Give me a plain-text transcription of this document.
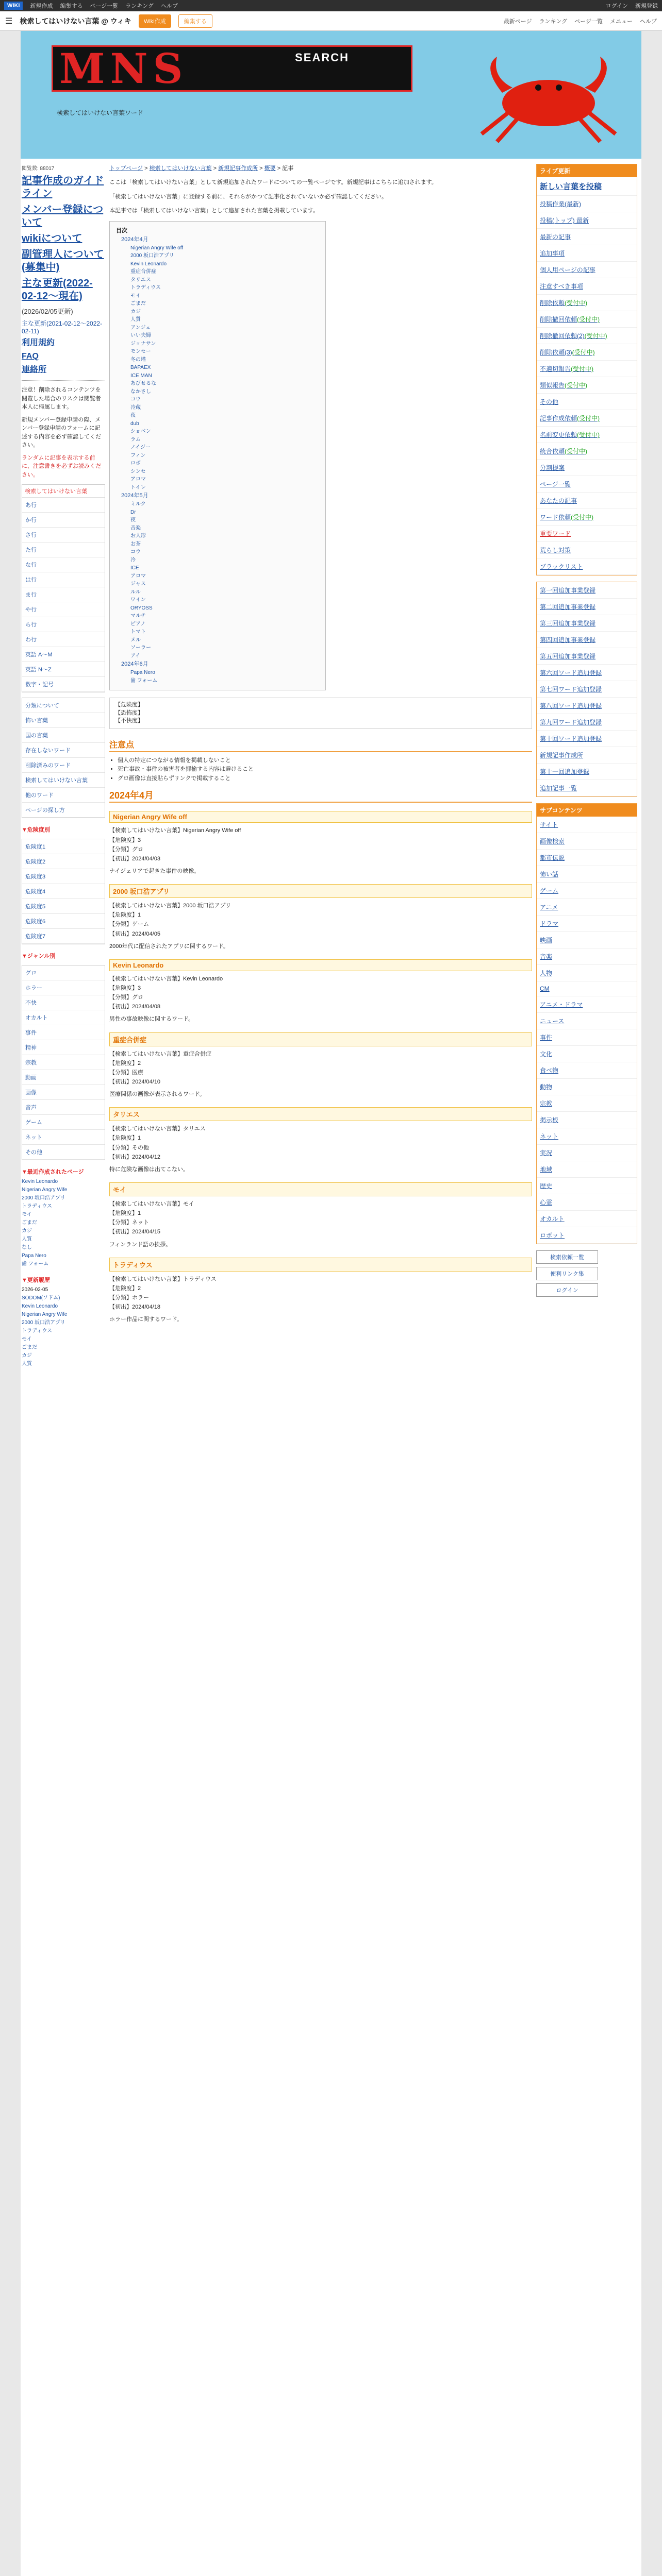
WIKI	新規作成 編集する ページ一覧 ランキング ヘルプ	ログイン 新規登録
☰ 検索してはいけない言葉 @ ウィキ	Wiki作成	編集する	最新ページ ランキング ページ一覧 メニュー ヘルプ
MNS	SEARCH
検索してはいけない言葉ワード
閲覧数: 88017
記事作成のガイドライン
メンバー登録について
wikiについて
副管理人について(募集中)
主な更新(2022-02-12～現在)
(2026/02/05更新)
主な更新(2021-02-12～2022-02-11)
利用規約
FAQ
連絡所
注意！削除されるコンテンツを閲覧した場合のリスクは閲覧者本人に帰属します。
新規メンバー登録申請の際、メンバー登録申請のフォームに記述する内容を必ず確認してください。
ランダムに記事を表示する前に、注意書きを必ずお読みください。
検索してはいけない言葉
あ行
か行
さ行
た行
な行
は行
ま行
や行
ら行
わ行
英語 A～M
英語 N～Z
数字・記号
分類について
怖い言葉
国の言葉
存在しないワード
削除済みのワード
検索してはいけない言葉
他のワード
ページの探し方
▼危険度別
危険度1
危険度2
危険度3
危険度4
危険度5
危険度6
危険度7
▼ジャンル別
グロ
ホラー
不快
オカルト
事件
精神
宗教
動画
画像
音声
ゲーム
ネット
その他
▼最近作成されたページ
Kevin Leonardo
Nigerian Angry Wife
2000 坂口浩アプリ
トラディウス
モイ
ごまだ
カジ
人質
なし
Papa Nero
歯 フォーム
▼更新履歴
2026-02-05
SODOM(ソドム)
Kevin Leonardo
Nigerian Angry Wife
2000 坂口浩アプリ
トラディウス
モイ
ごまだ
カジ
人質
トップページ > 検索してはいけない言葉 > 新規記事作成所 > 概要 > 記事
ここは「検索してはいけない言葉」として新規追加されたワードについての一覧ページです。新規記事はこちらに追加されます。
「検索してはいけない言葉」に登録する前に、それらがかつて記事化されていないか必ず確認してください。
本記事では「検索してはいけない言葉」として追加された言葉を掲載しています。
目次
2024年4月
Nigerian Angry Wife off
2000 坂口浩アプリ
Kevin Leonardo
重症合併症
タリエス
トラディウス
モイ
ごまだ
カジ
人質
アンジェ
いい夫婦
ジョナサン
モンセー
冬の塔
BAPAEX
ICE MAN
あびせるな
なかさし
コウ
冷蔵
夜
dub
ショベン
ラム
ノイジー
フィン
ロボ
シンセ
アロマ
トイレ
2024年5月
ミルク
Dr
夜
音楽
お人形
お茶
コウ
冷
ICE
アロマ
ジャス
ルル
ワイン
ORYOSS
マルチ
ピアノ
トマト
メル
ソーラー
アイ
2024年6月
Papa Nero
歯 フォーム
【危険度】
【恐怖度】
【不快度】
注意点
• 個人の特定につながる情報を掲載しないこと
• 死亡事故・事件の被害者を揶揄する内容は避けること
• グロ画像は直接貼らずリンクで掲載すること
2024年4月
Nigerian Angry Wife off
【検索してはいけない言葉】Nigerian Angry Wife off
【危険度】3
【分類】グロ
【初出】2024/04/03

ナイジェリアで起きた事件の映像。

2000 坂口浩アプリ
【検索してはいけない言葉】2000 坂口浩アプリ
【危険度】1
【分類】ゲーム
【初出】2024/04/05

2000年代に配信されたアプリに関するワード。

Kevin Leonardo
【検索してはいけない言葉】Kevin Leonardo
【危険度】3
【分類】グロ
【初出】2024/04/08

男性の事故映像に関するワード。

重症合併症
【検索してはいけない言葉】重症合併症
【危険度】2
【分類】医療
【初出】2024/04/10

医療関係の画像が表示されるワード。

タリエス
【検索してはいけない言葉】タリエス
【危険度】1
【分類】その他
【初出】2024/04/12

特に危険な画像は出てこない。

モイ
【検索してはいけない言葉】モイ
【危険度】1
【分類】ネット
【初出】2024/04/15

フィンランド語の挨拶。

トラディウス
【検索してはいけない言葉】トラディウス
【危険度】2
【分類】ホラー
【初出】2024/04/18

ホラー作品に関するワード。

ライブ更新
新しい言葉を投稿
投稿作業(最新)
投稿(トップ) 最新
最新の記事
追加事項
個人用ページの記事
注意すべき事項
削除依頼(受付中)
削除撤回依頼(受付中)
削除撤回依頼(2)(受付中)
削除依頼(3)(受付中)
不適切報告(受付中)
類似報告(受付中)
その他
記事作成依頼(受付中)
名前変更依頼(受付中)
統合依頼(受付中)
分割提案
ページ一覧
あなたの記事
ワード依頼(受付中)
重要ワード
荒らし対策
ブラックリスト
第一回追加事業登録
第二回追加事業登録
第三回追加事業登録
第四回追加事業登録
第五回追加事業登録
第六回ワード追加登録
第七回ワード追加登録
第八回ワード追加登録
第九回ワード追加登録
第十回ワード追加登録
新規記事作成所
第十一回追加登録
追加記事一覧
サブコンテンツ
サイト
画像検索
都市伝説
怖い話
ゲーム
アニメ
ドラマ
映画
音楽
人物
CM
アニメ・ドラマ
ニュース
事件
文化
食べ物
動物
宗教
掲示板
ネット
実況
地域
歴史
心霊
オカルト
ロボット
検索依頼一覧
便利リンク集
ログイン
